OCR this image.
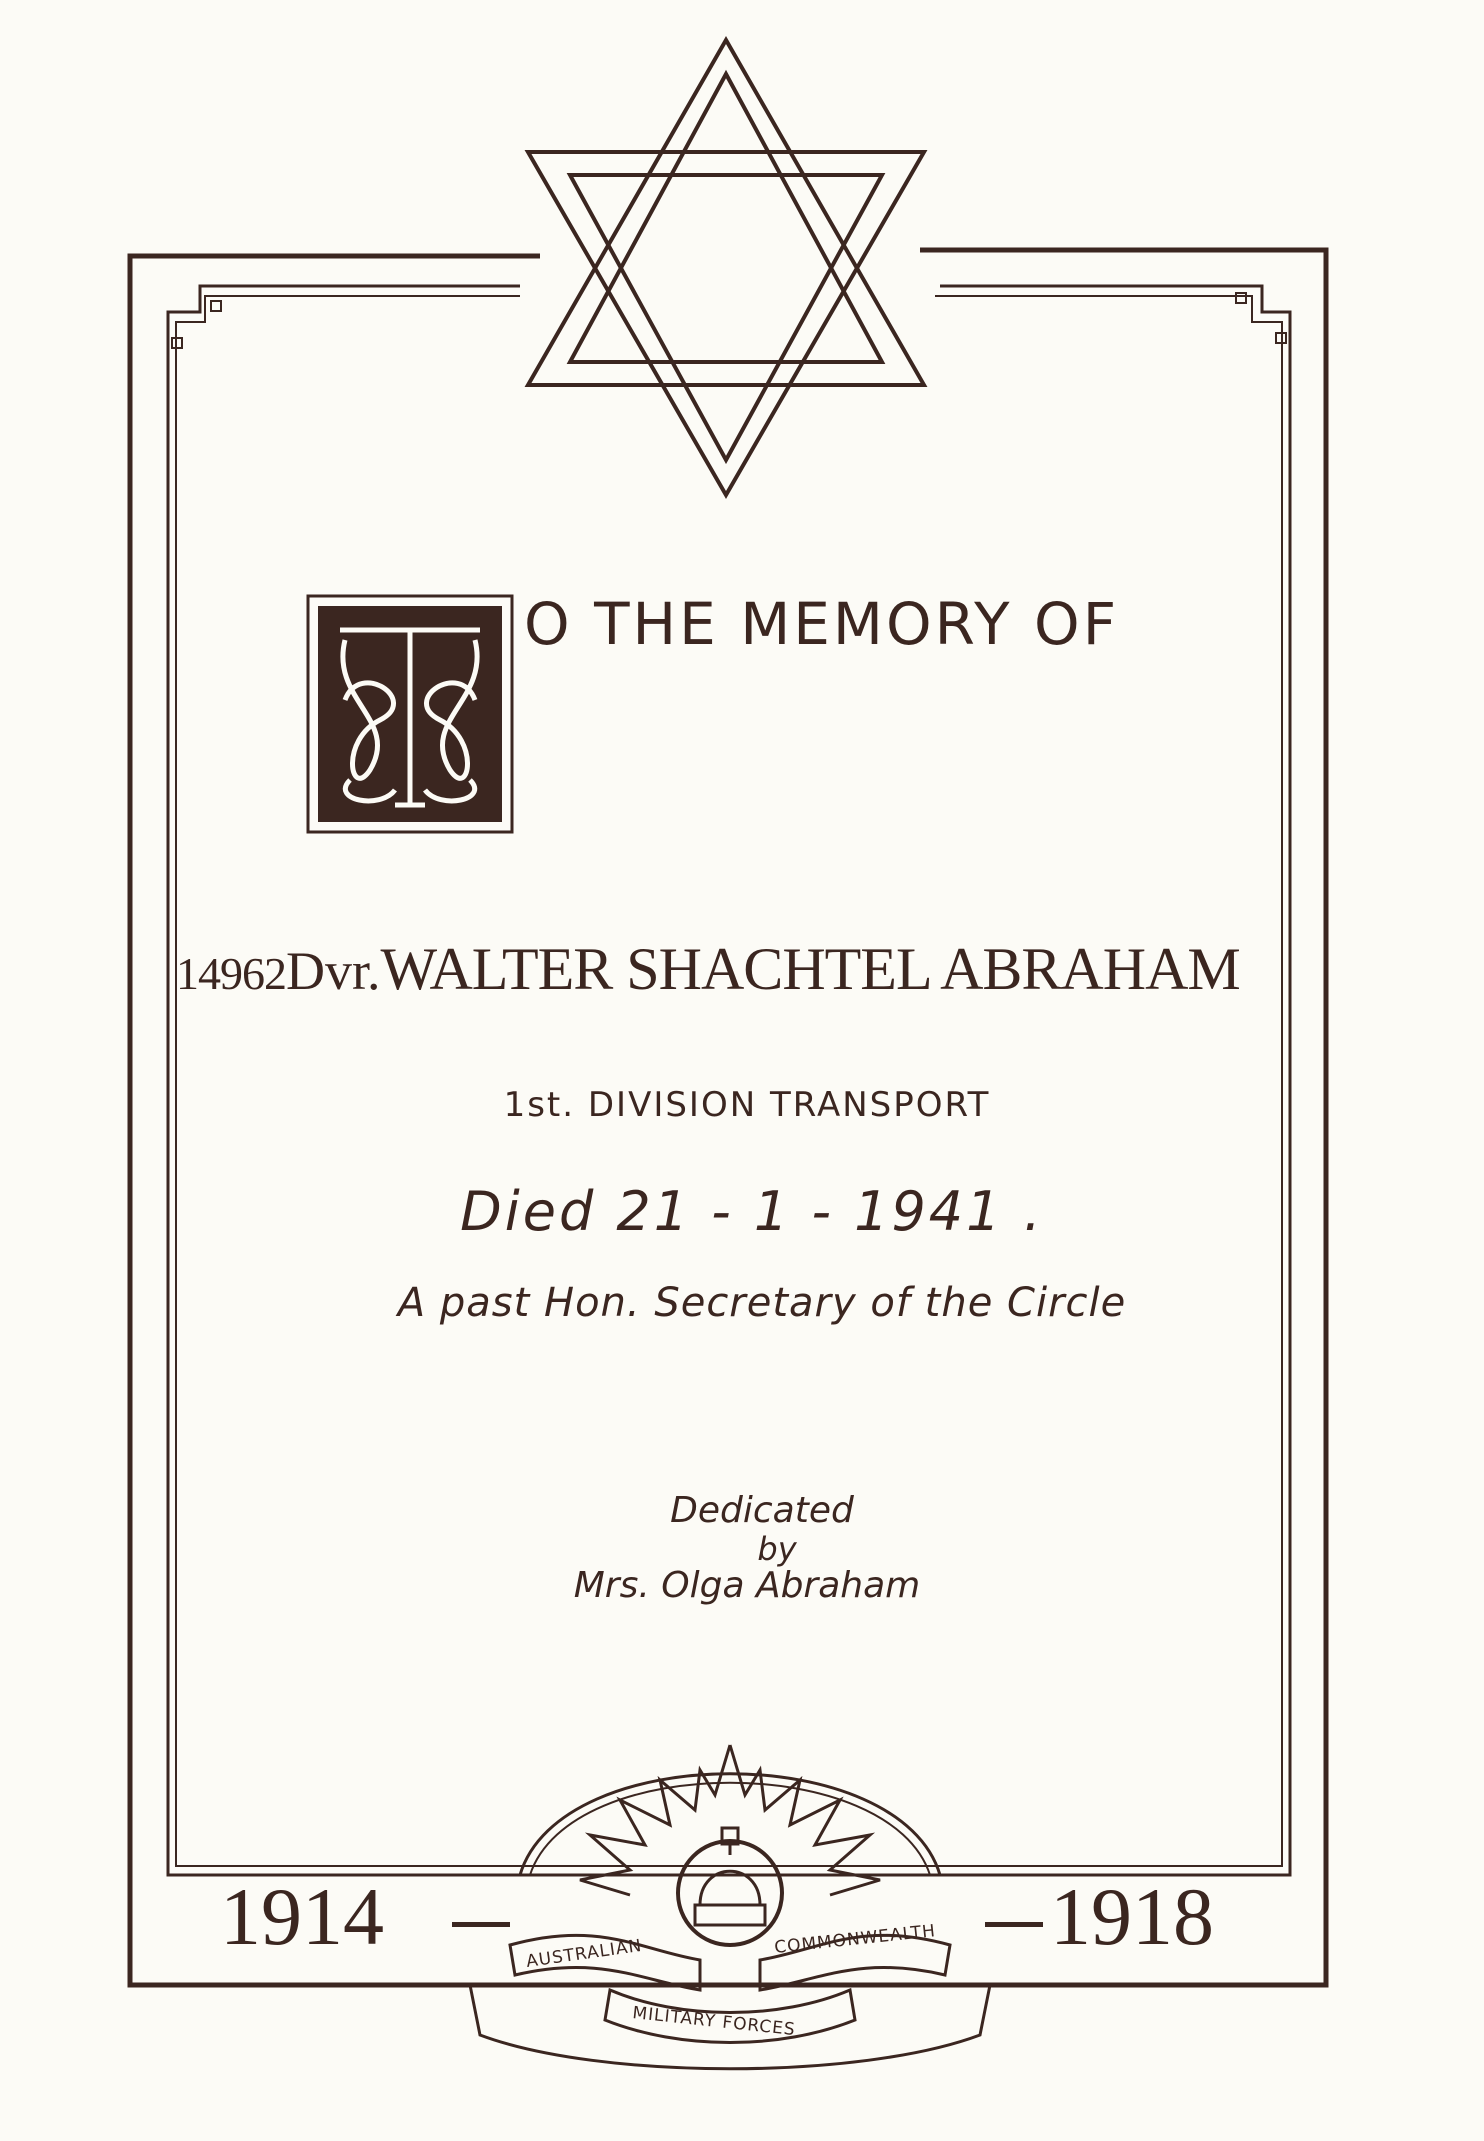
AUSTRALIAN	COMMONWEALTH
MILITARY FORCES
O THE MEMORY OF
14962Dvr.WALTER SHACHTEL ABRAHAM
1st. DIVISION TRANSPORT
Died 21 - 1 - 1941 .
A past Hon. Secretary of the Circle
Dedicated
by
Mrs. Olga Abraham
1914	1918
